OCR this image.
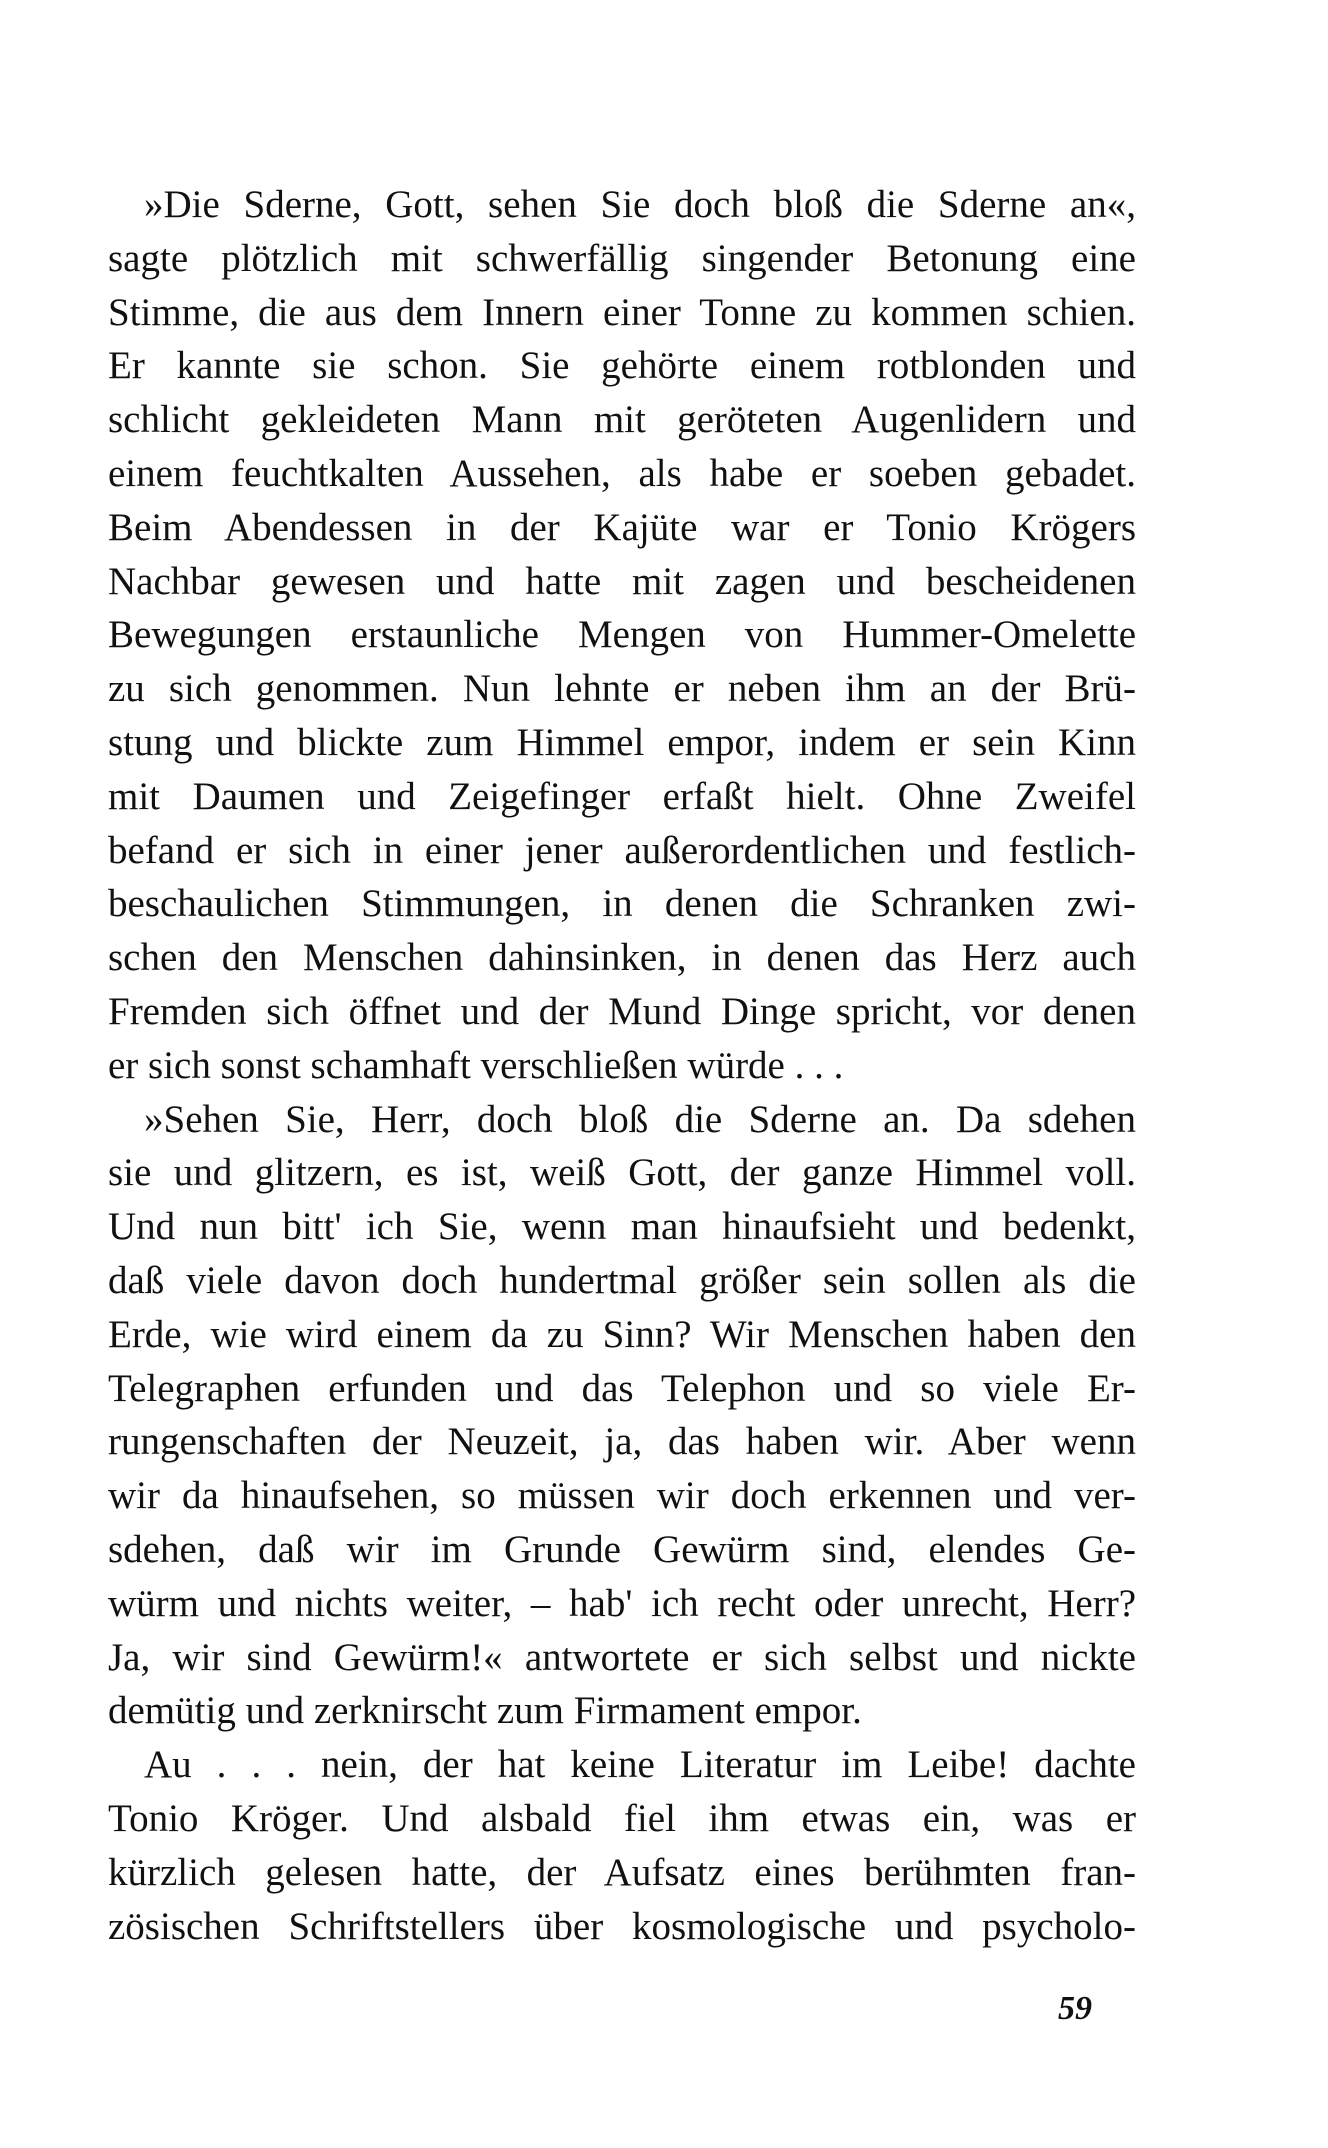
»Die Sderne, Gott, sehen Sie doch bloß die Sderne an«,
sagte plötzlich mit schwerfällig singender Betonung eine
Stimme, die aus dem Innern einer Tonne zu kommen schien.
Er kannte sie schon. Sie gehörte einem rotblonden und
schlicht gekleideten Mann mit geröteten Augenlidern und
einem feuchtkalten Aussehen, als habe er soeben gebadet.
Beim Abendessen in der Kajüte war er Tonio Krögers
Nachbar gewesen und hatte mit zagen und bescheidenen
Bewegungen erstaunliche Mengen von Hummer-Omelette
zu sich genommen. Nun lehnte er neben ihm an der Brü-
stung und blickte zum Himmel empor, indem er sein Kinn
mit Daumen und Zeigefinger erfaßt hielt. Ohne Zweifel
befand er sich in einer jener außerordentlichen und festlich-
beschaulichen Stimmungen, in denen die Schranken zwi-
schen den Menschen dahinsinken, in denen das Herz auch
Fremden sich öffnet und der Mund Dinge spricht, vor denen
er sich sonst schamhaft verschließen würde . . .
»Sehen Sie, Herr, doch bloß die Sderne an. Da sdehen
sie und glitzern, es ist, weiß Gott, der ganze Himmel voll.
Und nun bitt' ich Sie, wenn man hinaufsieht und bedenkt,
daß viele davon doch hundertmal größer sein sollen als die
Erde, wie wird einem da zu Sinn? Wir Menschen haben den
Telegraphen erfunden und das Telephon und so viele Er-
rungenschaften der Neuzeit, ja, das haben wir. Aber wenn
wir da hinaufsehen, so müssen wir doch erkennen und ver-
sdehen, daß wir im Grunde Gewürm sind, elendes Ge-
würm und nichts weiter, – hab' ich recht oder unrecht, Herr?
Ja, wir sind Gewürm!« antwortete er sich selbst und nickte
demütig und zerknirscht zum Firmament empor.
Au . . . nein, der hat keine Literatur im Leibe! dachte
Tonio Kröger. Und alsbald fiel ihm etwas ein, was er
kürzlich gelesen hatte, der Aufsatz eines berühmten fran-
zösischen Schriftstellers über kosmologische und psycholo-
59
